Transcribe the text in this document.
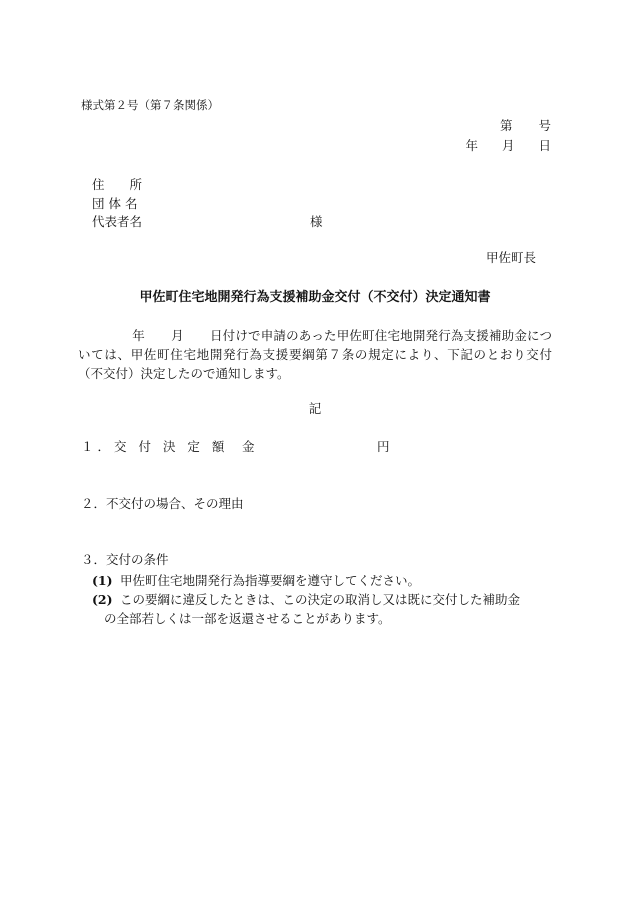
様式第２号（第７条関係）
第 号
年 月 日
住　　所
団 体 名
代表者名	様
甲佐町長
甲佐町住宅地開発行為支援補助金交付（不交付）決定通知書
年 月 日付けで申請のあった甲佐町住宅地開発行為支援補助金については、甲佐町住宅地開発行為支援要綱第７条の規定により、下記のとおり交付（不交付）決定したので通知します。
記
１．交 付 決 定 額 金	円
２．不交付の場合、その理由
３．交付の条件
(1) 甲佐町住宅地開発行為指導要綱を遵守してください。
(2) この要綱に違反したときは、この決定の取消し又は既に交付した補助金
の全部若しくは一部を返還させることがあります。
